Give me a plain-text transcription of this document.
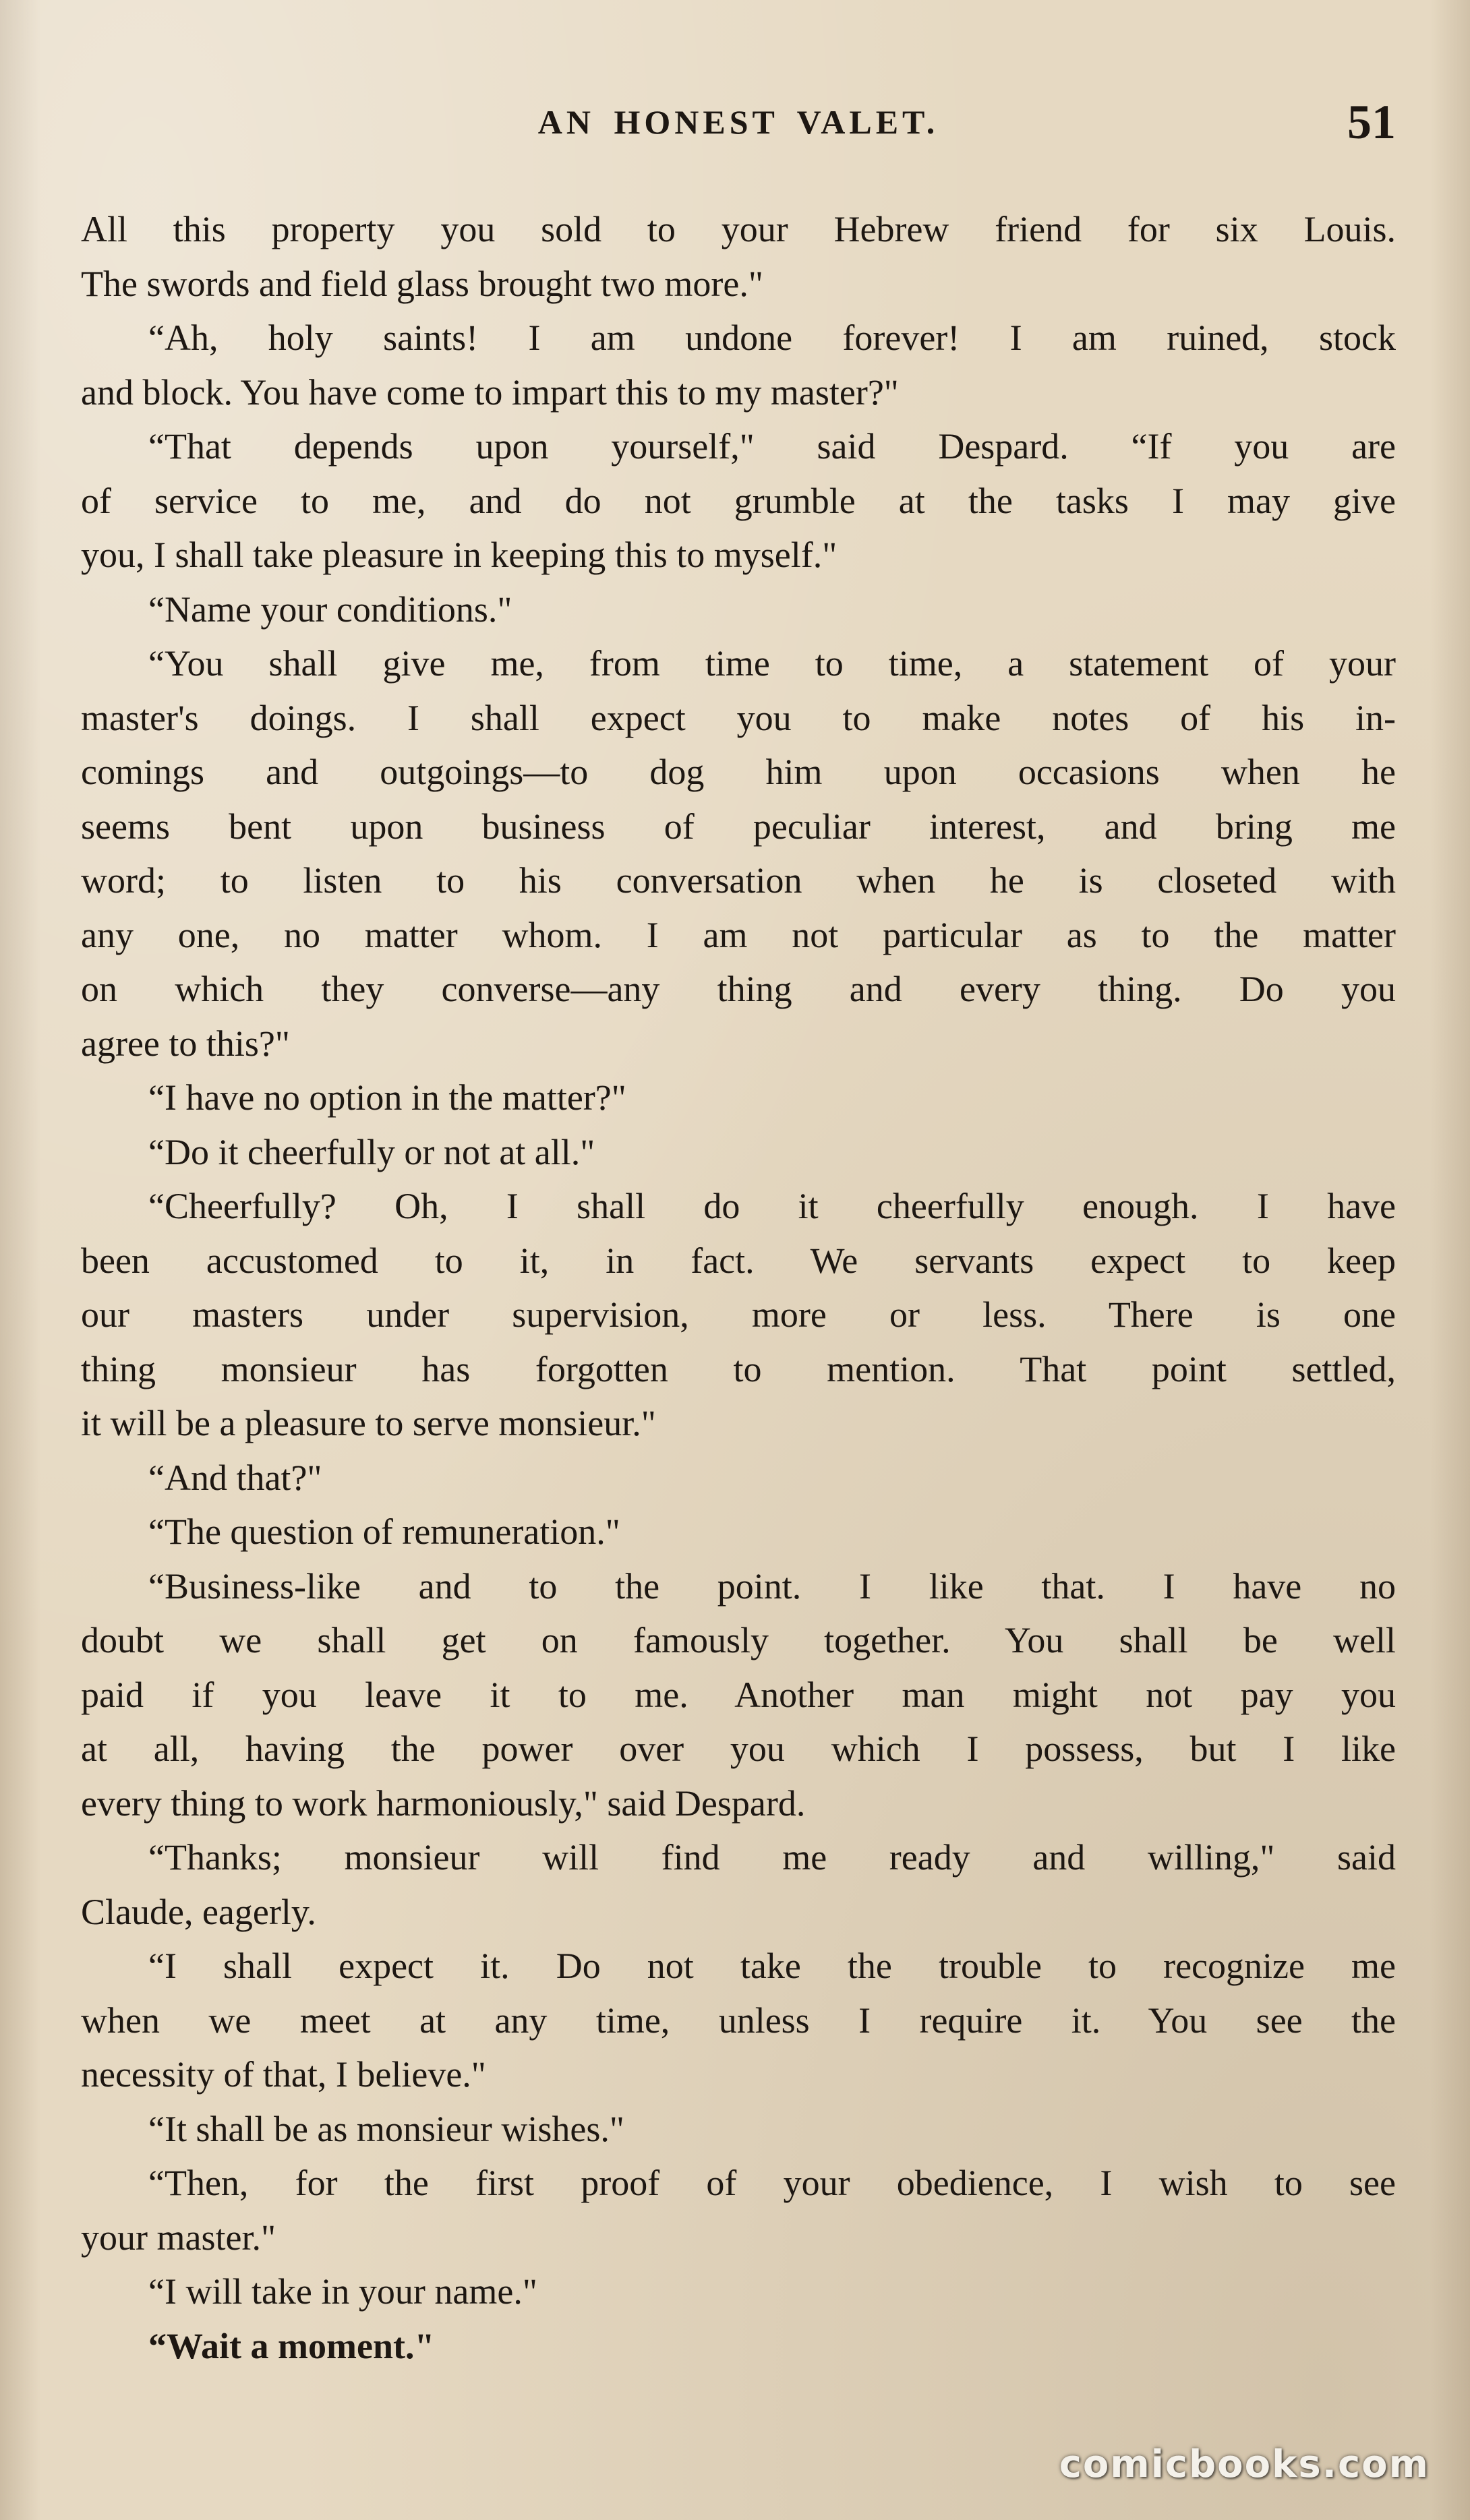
AN HONEST VALET.	51
All this property you sold to your Hebrew friend for six Louis.
The swords and field glass brought two more."
“Ah, holy saints! I am undone forever! I am ruined, stock
and block. You have come to impart this to my master?"
“That depends upon yourself," said Despard. “If you are
of service to me, and do not grumble at the tasks I may give
you, I shall take pleasure in keeping this to myself."
“Name your conditions."
“You shall give me, from time to time, a statement of your
master's doings. I shall expect you to make notes of his in-
comings and outgoings—to dog him upon occasions when he
seems bent upon business of peculiar interest, and bring me
word; to listen to his conversation when he is closeted with
any one, no matter whom. I am not particular as to the matter
on which they converse—any thing and every thing. Do you
agree to this?"
“I have no option in the matter?"
“Do it cheerfully or not at all."
“Cheerfully? Oh, I shall do it cheerfully enough. I have
been accustomed to it, in fact. We servants expect to keep
our masters under supervision, more or less. There is one
thing monsieur has forgotten to mention. That point settled,
it will be a pleasure to serve monsieur."
“And that?"
“The question of remuneration."
“Business-like and to the point. I like that. I have no
doubt we shall get on famously together. You shall be well
paid if you leave it to me. Another man might not pay you
at all, having the power over you which I possess, but I like
every thing to work harmoniously," said Despard.
“Thanks; monsieur will find me ready and willing," said
Claude, eagerly.
“I shall expect it. Do not take the trouble to recognize me
when we meet at any time, unless I require it. You see the
necessity of that, I believe."
“It shall be as monsieur wishes."
“Then, for the first proof of your obedience, I wish to see
your master."
“I will take in your name."
“Wait a moment."
comicbooks.com
